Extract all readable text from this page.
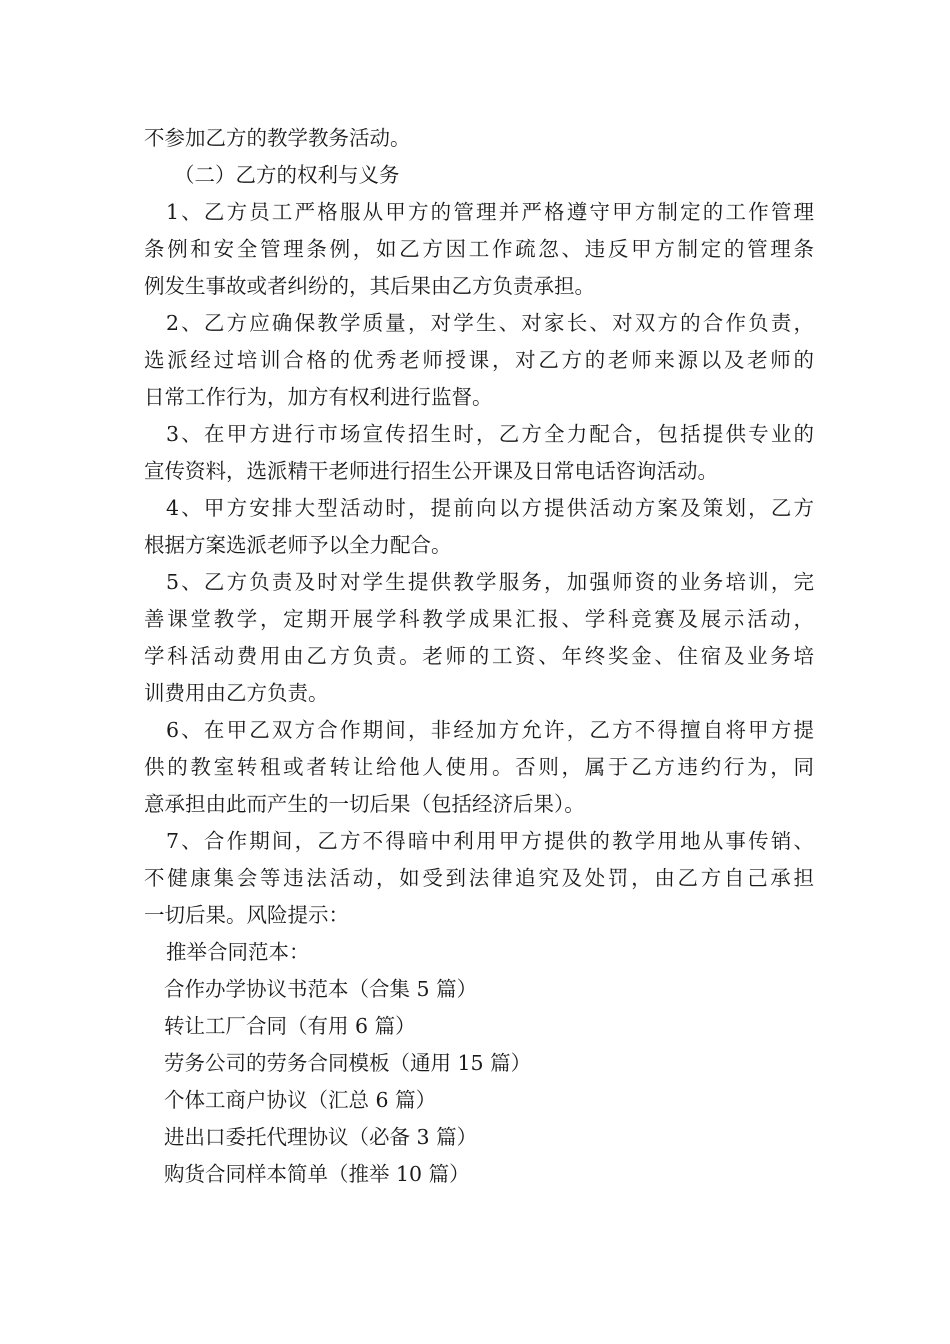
不参加乙方的教学教务活动。

（二）乙方的权利与义务

1、乙方员工严格服从甲方的管理并严格遵守甲方制定的工作管理

条例和安全管理条例，如乙方因工作疏忽、违反甲方制定的管理条

例发生事故或者纠纷的，其后果由乙方负责承担。

2、乙方应确保教学质量，对学生、对家长、对双方的合作负责，

选派经过培训合格的优秀老师授课，对乙方的老师来源以及老师的

日常工作行为，加方有权利进行监督。

3、在甲方进行市场宣传招生时，乙方全力配合，包括提供专业的

宣传资料，选派精干老师进行招生公开课及日常电话咨询活动。

4、甲方安排大型活动时，提前向以方提供活动方案及策划，乙方

根据方案选派老师予以全力配合。

5、乙方负责及时对学生提供教学服务，加强师资的业务培训，完

善课堂教学，定期开展学科教学成果汇报、学科竞赛及展示活动，

学科活动费用由乙方负责。老师的工资、年终奖金、住宿及业务培

训费用由乙方负责。

6、在甲乙双方合作期间，非经加方允许，乙方不得擅自将甲方提

供的教室转租或者转让给他人使用。否则，属于乙方违约行为，同

意承担由此而产生的一切后果（包括经济后果）。

7、合作期间，乙方不得暗中利用甲方提供的教学用地从事传销、

不健康集会等违法活动，如受到法律追究及处罚，由乙方自己承担

一切后果。风险提示：

推举合同范本：

合作办学协议书范本（合集 5 篇）
转让工厂合同（有用 6 篇）
劳务公司的劳务合同模板（通用 15 篇）
个体工商户协议（汇总 6 篇）
进出口委托代理协议（必备 3 篇）
购货合同样本简单（推举 10 篇）
